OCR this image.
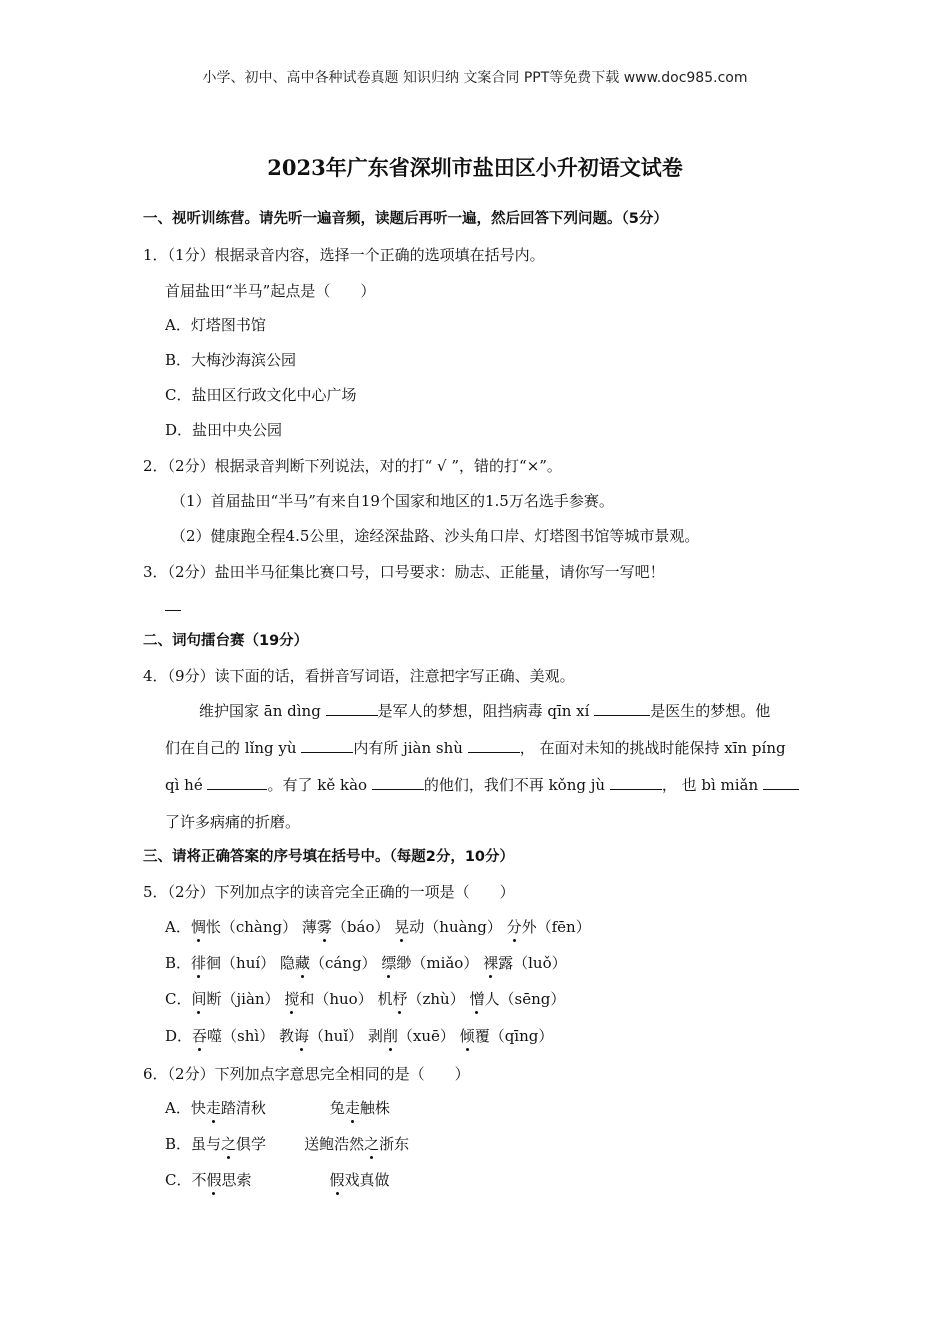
小学、初中、高中各种试卷真题 知识归纳 文案合同 PPT等免费下载 www.doc985.com
2023年广东省深圳市盐田区小升初语文试卷
一、视听训练营。请先听一遍音频，读题后再听一遍，然后回答下列问题。（5分）
1．（1分）根据录音内容，选择一个正确的选项填在括号内。
首届盐田“半马”起点是（　　）
A．灯塔图书馆
B．大梅沙海滨公园
C．盐田区行政文化中心广场
D．盐田中央公园
2．（2分）根据录音判断下列说法，对的打“ √ ”，错的打“×”。
（1）首届盐田“半马”有来自19个国家和地区的1.5万名选手参赛。
（2）健康跑全程4.5公里，途经深盐路、沙头角口岸、灯塔图书馆等城市景观。
3．（2分）盐田半马征集比赛口号，口号要求：励志、正能量，请你写一写吧！
二、词句擂台赛（19分）
4．（9分）读下面的话，看拼音写词语，注意把字写正确、美观。
维护国家 ān dìng	是军人的梦想，阻挡病毒 qīn xí	是医生的梦想。他
们在自己的 lǐng yù	内有所 jiàn shù	， 在面对未知的挑战时能保持 xīn píng
qì hé	。有了 kě kào	的他们，我们不再 kǒng jù	， 也 bì miǎn
了许多病痛的折磨。
三、请将正确答案的序号填在括号中。（每题2分，10分）
5．（2分）下列加点字的读音完全正确的一项是（　　）
A．惆怅（chàng） 薄雾（báo） 晃动（huàng） 分外（fēn）
B．徘徊（huí） 隐藏（cáng） 缥缈（miǎo） 裸露（luǒ）
C．间断（jiàn） 搅和（huo） 机杼（zhù） 憎人（sēng）
D．吞噬（shì） 教诲（huǐ） 剥削（xuē） 倾覆（qīng）
6．（2分）下列加点字意思完全相同的是（　　）
A．快走踏清秋	兔走触株
B．虽与之俱学	送鲍浩然之浙东
C．不假思索	假戏真做
